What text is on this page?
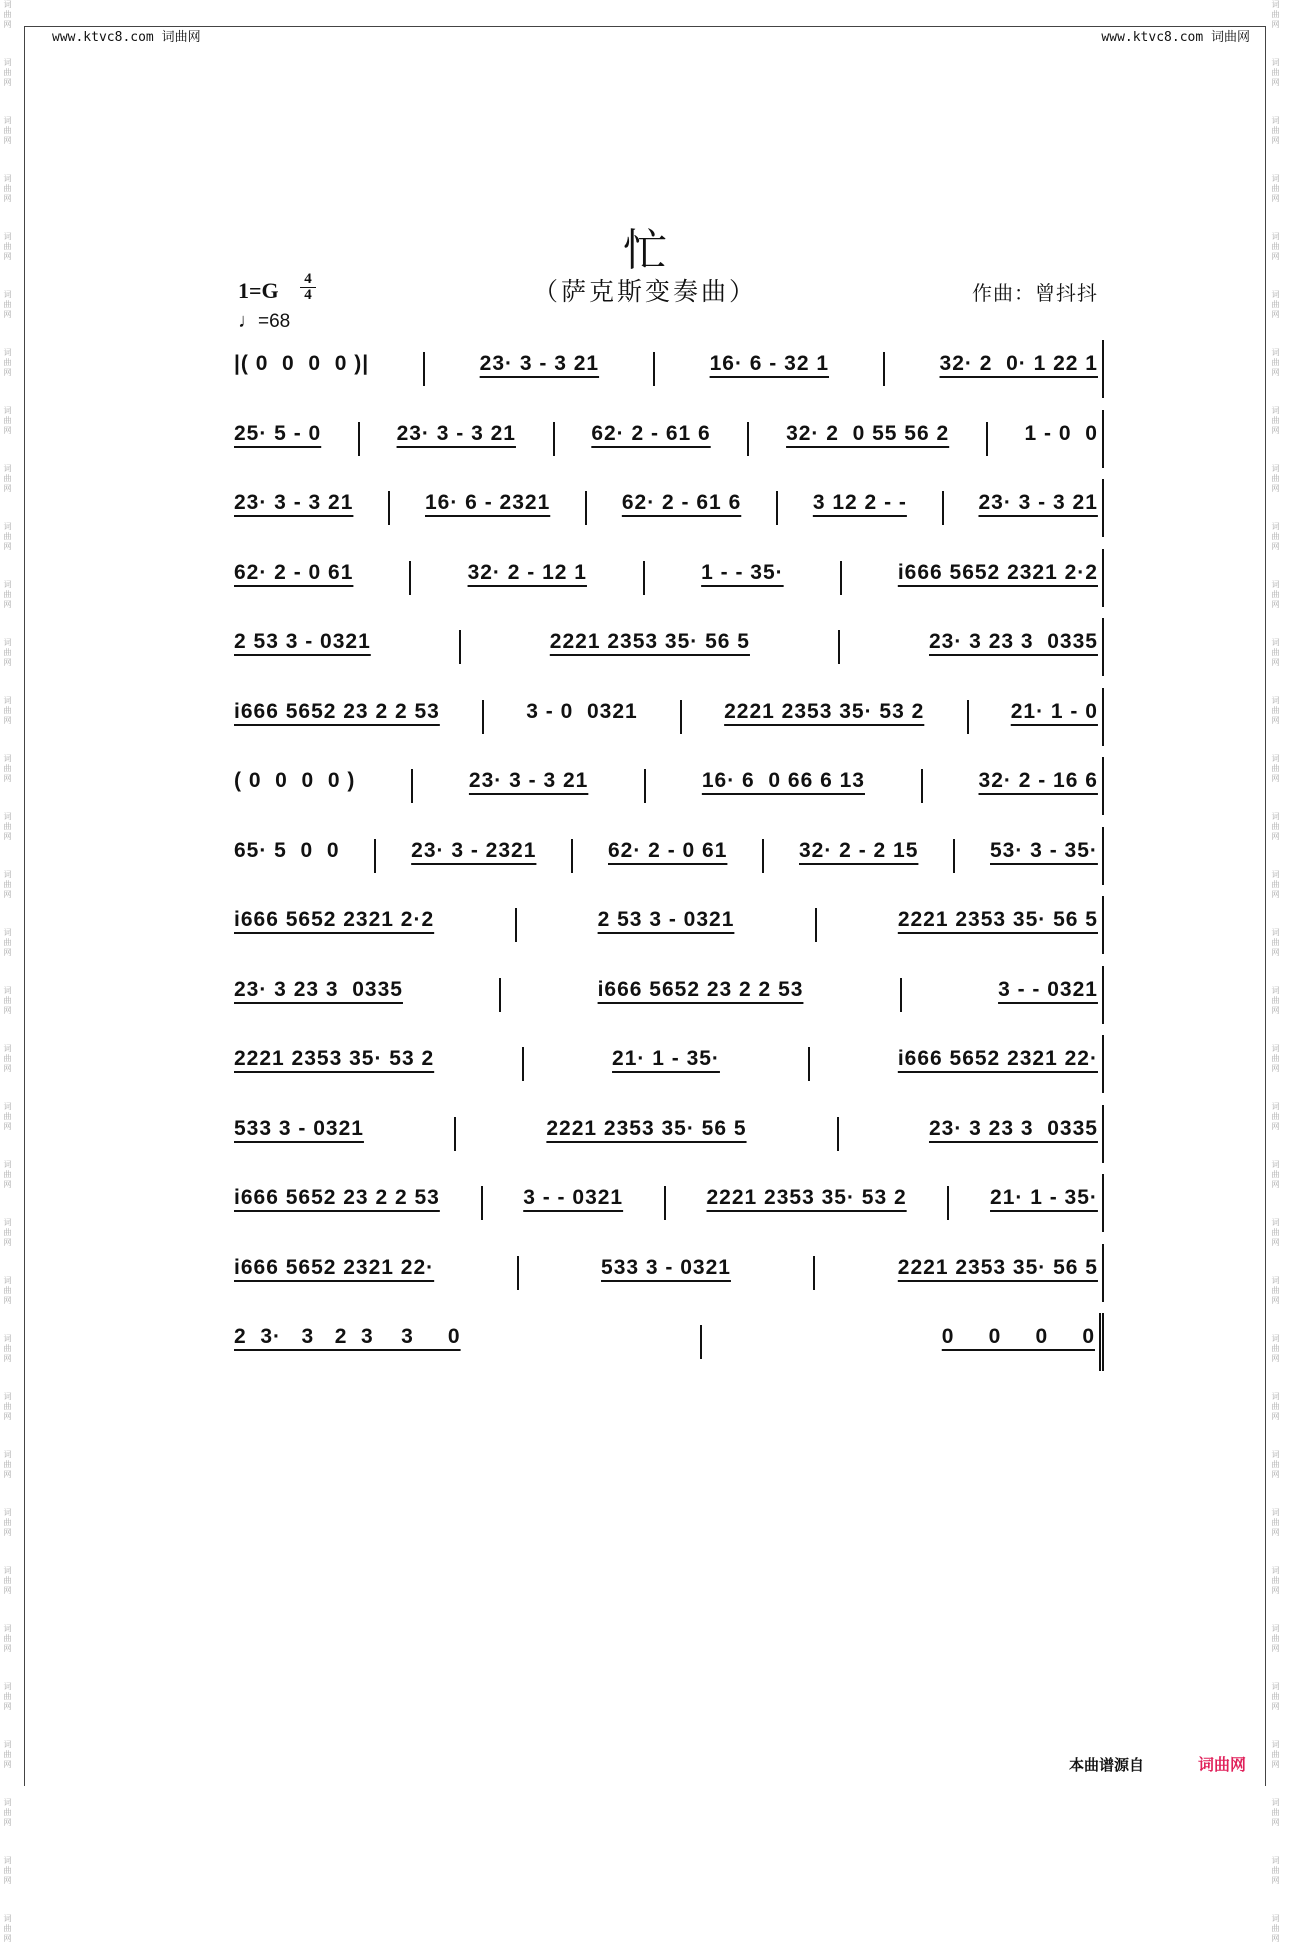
词曲网
词曲网
词曲网
词曲网
词曲网
词曲网
词曲网
词曲网
词曲网
词曲网
词曲网
词曲网
词曲网
词曲网
词曲网
词曲网
词曲网
词曲网
词曲网
词曲网
词曲网
词曲网
词曲网
词曲网
词曲网
词曲网
词曲网
词曲网
词曲网
词曲网
词曲网
词曲网
词曲网
词曲网
词曲网
词曲网
词曲网
词曲网
词曲网
词曲网
词曲网
词曲网
词曲网
词曲网
词曲网
词曲网
词曲网
词曲网
词曲网
词曲网
词曲网
词曲网
词曲网
词曲网
词曲网
词曲网
词曲网
词曲网
词曲网
词曲网
词曲网
词曲网
词曲网
词曲网
词曲网
词曲网
词曲网
词曲网
www.ktvc8.com 词曲网	www.ktvc8.com 词曲网
忙
（萨克斯变奏曲）
1=G 4
4
♩=68
作曲：曾抖抖
|( 0  0  0  0 )|	23· 3 - 3 21	16· 6 - 32 1	32· 2  0· 1 22 1
25· 5 - 0	23· 3 - 3 21	62· 2 - 61 6	32· 2  0 55 56 2	1 - 0  0
23· 3 - 3 21	16· 6 - 2321	62· 2 - 61 6	3 12 2 - -	23· 3 - 3 21
62· 2 - 0 61	32· 2 - 12 1	1 - - 35·	i666 5652 2321 2·2
2 53 3 - 0321	2221 2353 35· 56 5	23· 3 23 3  0335
i666 5652 23 2 2 53	3 - 0  0321	2221 2353 35· 53 2	21· 1 - 0
( 0  0  0  0 )	23· 3 - 3 21	16· 6  0 66 6 13	32· 2 - 16 6
65· 5  0  0	23· 3 - 2321	62· 2 - 0 61	32· 2 - 2 15	53· 3 - 35·
i666 5652 2321 2·2	2 53 3 - 0321	2221 2353 35· 56 5
23· 3 23 3  0335	i666 5652 23 2 2 53	3 - - 0321
2221 2353 35· 53 2	21· 1 - 35·	i666 5652 2321 22·
533 3 - 0321	2221 2353 35· 56 5	23· 3 23 3  0335
i666 5652 23 2 2 53	3 - - 0321	2221 2353 35· 53 2	21· 1 - 35·
i666 5652 2321 22·	533 3 - 0321	2221 2353 35· 56 5
2  3·   3   2  3    3     0	0     0     0     0
本曲谱源自	词曲网
